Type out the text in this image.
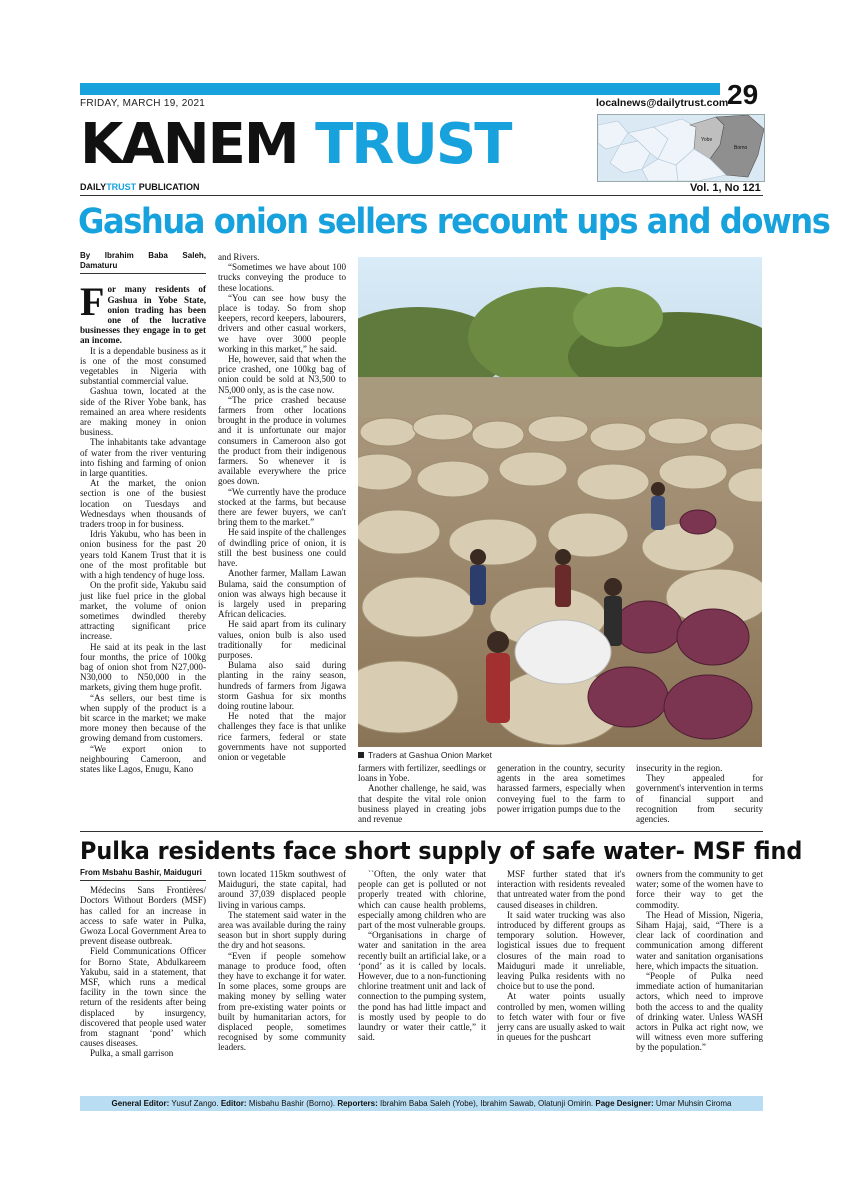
FRIDAY, MARCH 19, 2021	localnews@dailytrust.com
29
KANEM TRUST	Yobe
Borno
DAILYTRUST PUBLICATION	Vol. 1, No 121
Gashua onion sellers recount ups and downs
By Ibrahim Baba Saleh, Damaturu

For many residents of Gashua in Yobe State, onion trading has been one of the lucrative businesses they engage in to get an income.

It is a dependable business as it is one of the most consumed vegetables in Nigeria with substantial commercial value.

Gashua town, located at the side of the River Yobe bank, has remained an area where residents are making money in onion business.

The inhabitants take advantage of water from the river venturing into fishing and farming of onion in large quantities.

At the market, the onion section is one of the busiest location on Tuesdays and Wednesdays when thousands of traders troop in for business.

Idris Yakubu, who has been in onion business for the past 20 years told Kanem Trust that it is one of the most profitable but with a high tendency of huge loss.

On the profit side, Yakubu said just like fuel price in the global market, the volume of onion sometimes dwindled thereby attracting significant price increase.

He said at its peak in the last four months, the price of 100kg bag of onion shot from N27,000-N30,000 to N50,000 in the markets, giving them huge profit.

“As sellers, our best time is when supply of the product is a bit scarce in the market; we make more money then because of the growing demand from customers.

“We export onion to neighbouring Cameroon, and states like Lagos, Enugu, Kano

and Rivers.

“Sometimes we have about 100 trucks conveying the produce to these locations.

“You can see how busy the place is today. So from shop keepers, record keepers, labourers, drivers and other casual workers, we have over 3000 people working in this market,” he said.

He, however, said that when the price crashed, one 100kg bag of onion could be sold at N3,500 to N5,000 only, as is the case now.

“The price crashed because farmers from other locations brought in the produce in volumes and it is unfortunate our major consumers in Cameroon also got the product from their indigenous farmers. So whenever it is available everywhere the price goes down.

“We currently have the produce stocked at the farms, but because there are fewer buyers, we can't bring them to the market.”

He said inspite of the challenges of dwindling price of onion, it is still the best business one could have.

Another farmer, Mallam Lawan Bulama, said the consumption of onion was always high because it is largely used in preparing African delicacies.

He said apart from its culinary values, onion bulb is also used traditionally for medicinal purposes.

Bulama also said during planting in the rainy season, hundreds of farmers from Jigawa storm Gashua for six months doing routine labour.

He noted that the major challenges they face is that unlike rice farmers, federal or state governments have not supported onion or vegetable	Traders at Gashua Onion Market

farmers with fertilizer, seedlings or loans in Yobe.

Another challenge, he said, was that despite the vital role onion business played in creating jobs and revenue

generation in the country, security agents in the area sometimes harassed farmers, especially when conveying fuel to the farm to power irrigation pumps due to the

insecurity in the region.

They appealed for government's intervention in terms of financial support and recognition from security agencies.

Pulka residents face short supply of safe water- MSF find
From Msbahu Bashir, Maiduguri

Médecins Sans Frontières/ Doctors Without Borders (MSF) has called for an increase in access to safe water in Pulka, Gwoza Local Government Area to prevent disease outbreak.

Field Communications Officer for Borno State, Abdulkareem Yakubu, said in a statement, that MSF, which runs a medical facility in the town since the return of the residents after being displaced by insurgency, discovered that people used water from stagnant ‘pond’ which causes diseases.

Pulka, a small garrison

town located 115km southwest of Maiduguri, the state capital, had around 37,039 displaced people living in various camps.

The statement said water in the area was available during the rainy season but in short supply during the dry and hot seasons.

“Even if people somehow manage to produce food, often they have to exchange it for water. In some places, some groups are making money by selling water from pre-existing water points or built by humanitarian actors, for displaced people, sometimes recognised by some community leaders.

``Often, the only water that people can get is polluted or not properly treated with chlorine, which can cause health problems, especially among children who are part of the most vulnerable groups.

“Organisations in charge of water and sanitation in the area recently built an artificial lake, or a ‘pond’ as it is called by locals. However, due to a non-functioning chlorine treatment unit and lack of connection to the pumping system, the pond has had little impact and is mostly used by people to do laundry or water their cattle,” it said.

MSF further stated that it's interaction with residents revealed that untreated water from the pond caused diseases in children.

It said water trucking was also introduced by different groups as temporary solution. However, logistical issues due to frequent closures of the main road to Maiduguri made it unreliable, leaving Pulka residents with no choice but to use the pond.

At water points usually controlled by men, women willing to fetch water with four or five jerry cans are usually asked to wait in queues for the pushcart

owners from the community to get water; some of the women have to force their way to get the commodity.

The Head of Mission, Nigeria, Siham Hajaj, said, “There is a clear lack of coordination and communication among different water and sanitation organisations here, which impacts the situation.

“People of Pulka need immediate action of humanitarian actors, which need to improve both the access to and the quality of drinking water. Unless WASH actors in Pulka act right now, we will witness even more suffering by the population.”

General Editor: Yusuf Zango. Editor: Misbahu Bashir (Borno). Reporters: Ibrahim Baba Saleh (Yobe), Ibrahim Sawab, Olatunji Omirin. Page Designer: Umar Muhsin Ciroma
